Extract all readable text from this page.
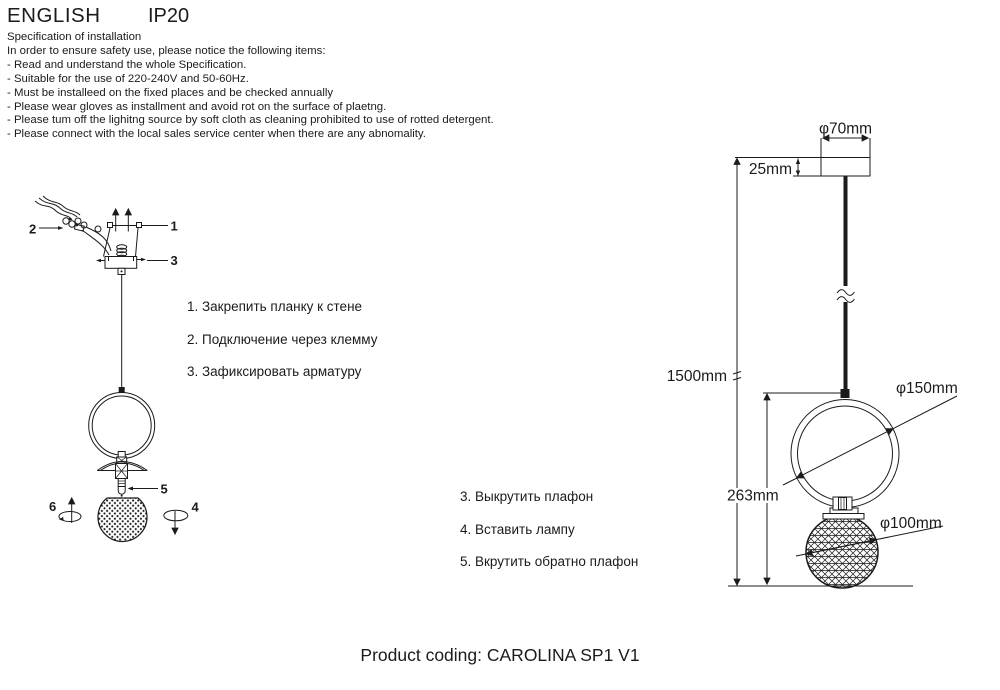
ENGLISH IP20
Specification of installation
In order to ensure safety use, please notice the following items:
- Read and understand the whole Specification.
- Suitable for the use of 220-240V and 50-60Hz.
- Must be installeed on the fixed places and be checked annually
- Please wear gloves as installment and avoid rot on the surface of plaetng.
- Please tum off the lighitng source by soft cloth as cleaning prohibited to use of rotted detergent.
- Please connect with the local sales service center when there are any abnomality.
1. Закрепить планку к стене
2. Подключение через клемму
3. Зафиксировать арматуру
3. Выкрутить плафон
4. Вставить лампу
5. Вкрутить обратно плафон
2	1
3
5
6	4
φ70mm
25mm
1500mm
φ150mm
φ100mm
263mm
Product coding: CAROLINA SP1 V1
